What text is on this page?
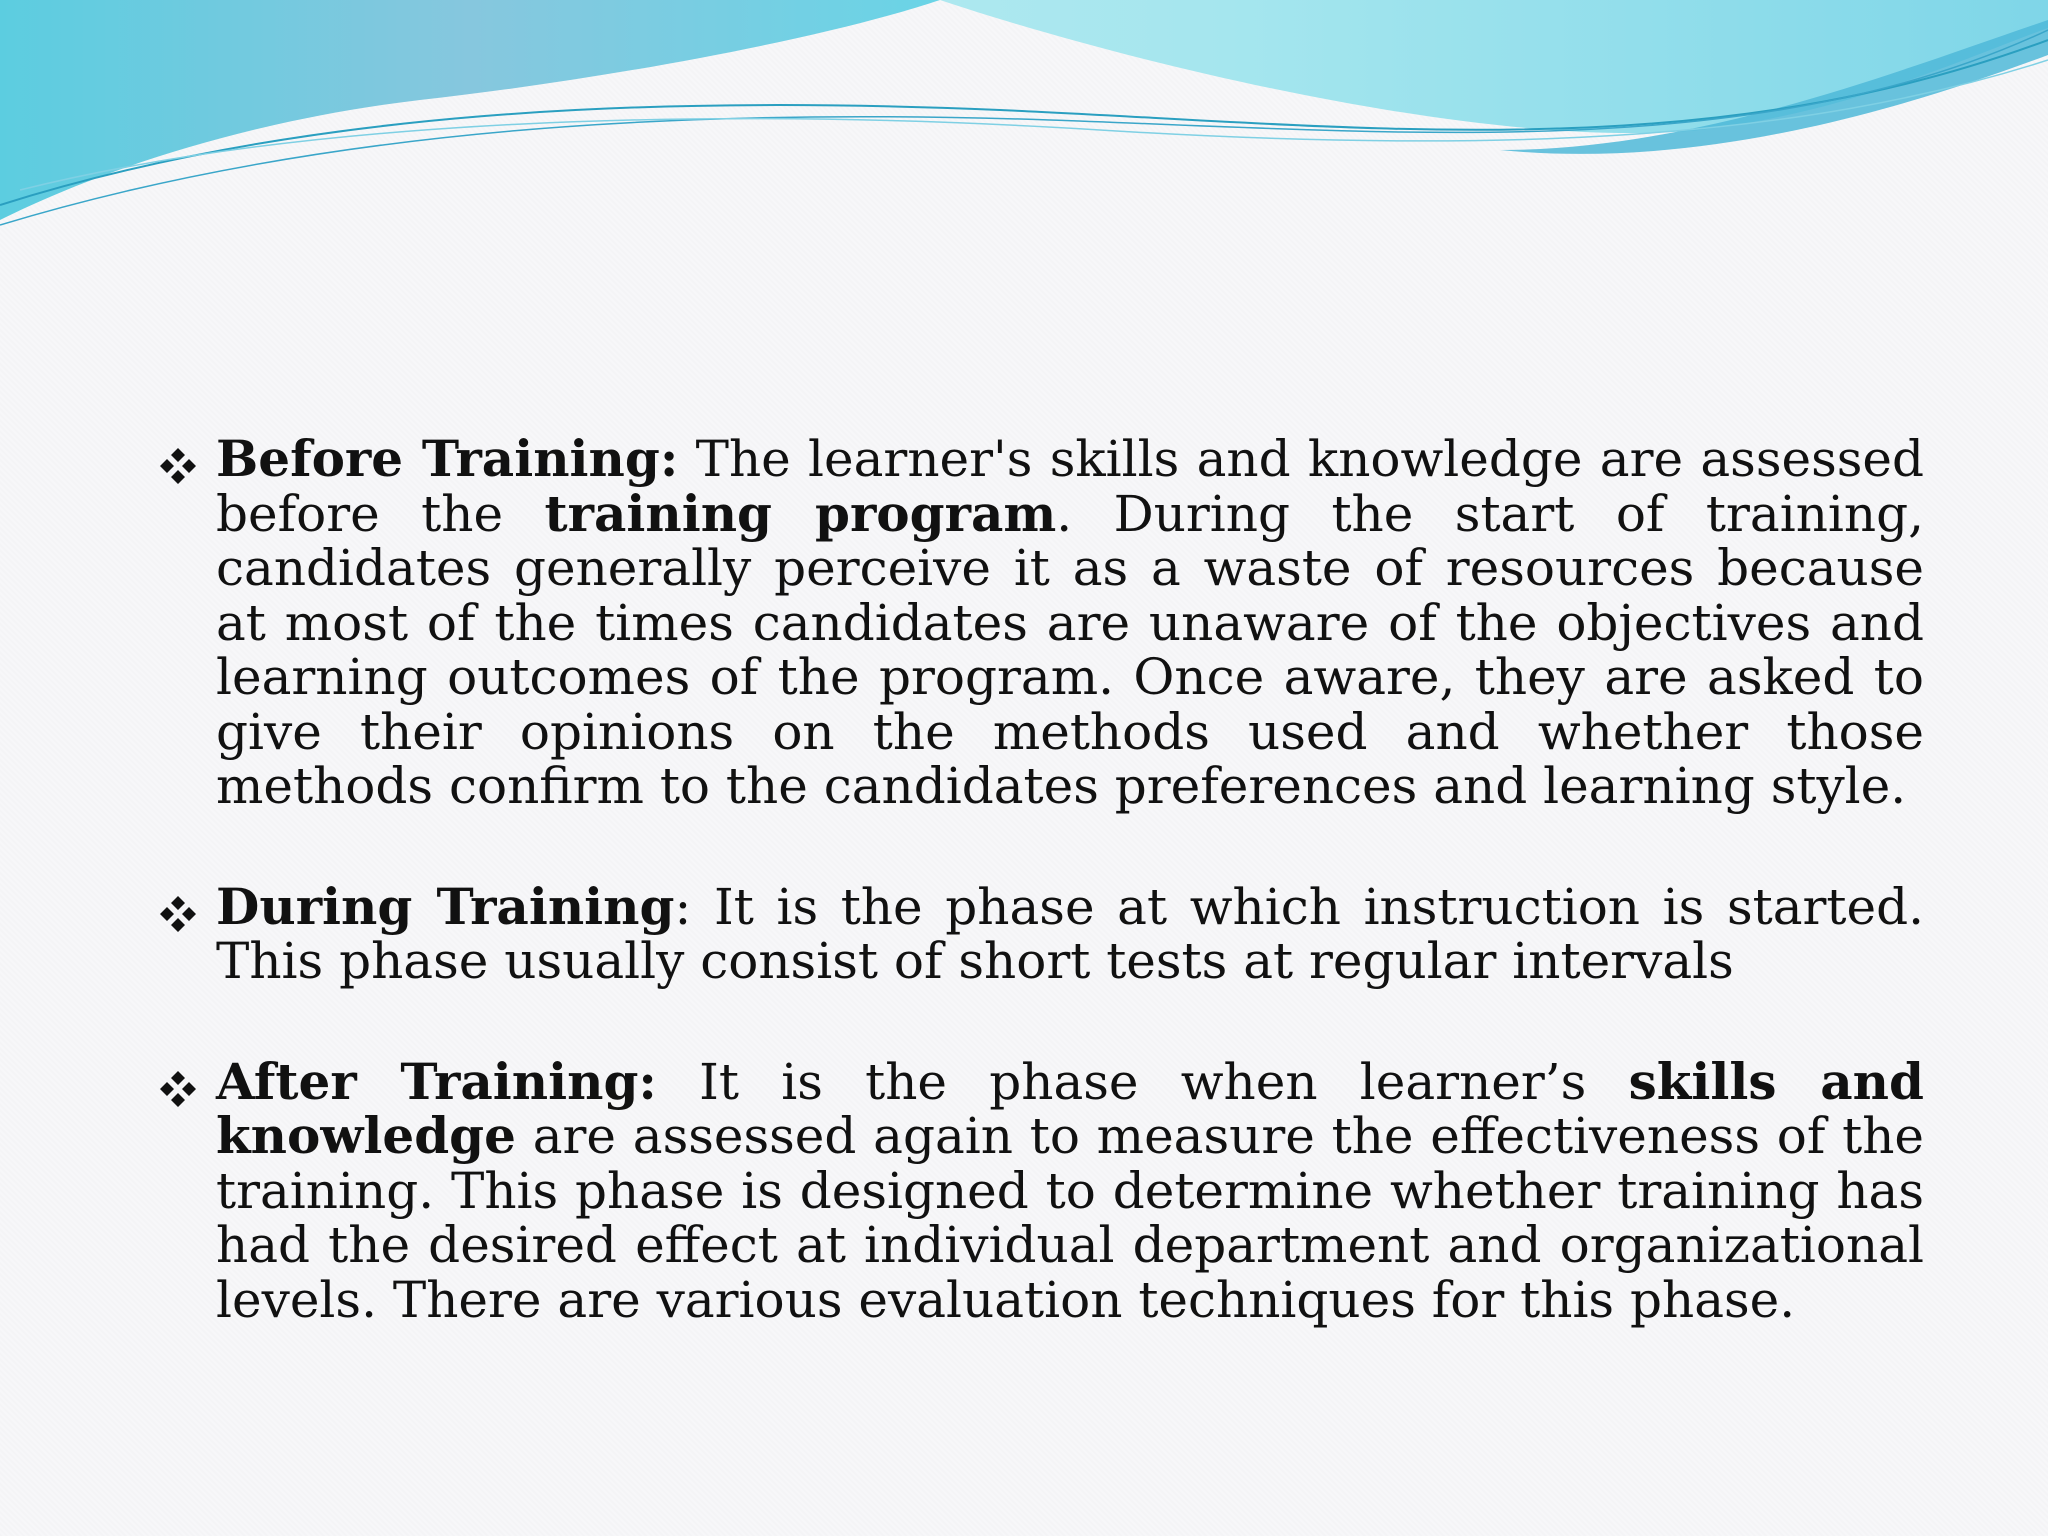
Before Training: The learner's skills and knowledge are assessed before the training program. During the start of training, candidates generally perceive it as a waste of resources because at most of the times candidates are unaware of the objectives and learning outcomes of the program. Once aware, they are asked to give their opinions on the methods used and whether those methods confirm to the candidates preferences and learning style.
During Training: It is the phase at which instruction is started. This phase usually consist of short tests at regular intervals
After Training: It is the phase when learner’s skills and knowledge are assessed again to measure the effectiveness of the training. This phase is designed to determine whether training has had the desired effect at individual department and organizational levels. There are various evaluation techniques for this phase.
